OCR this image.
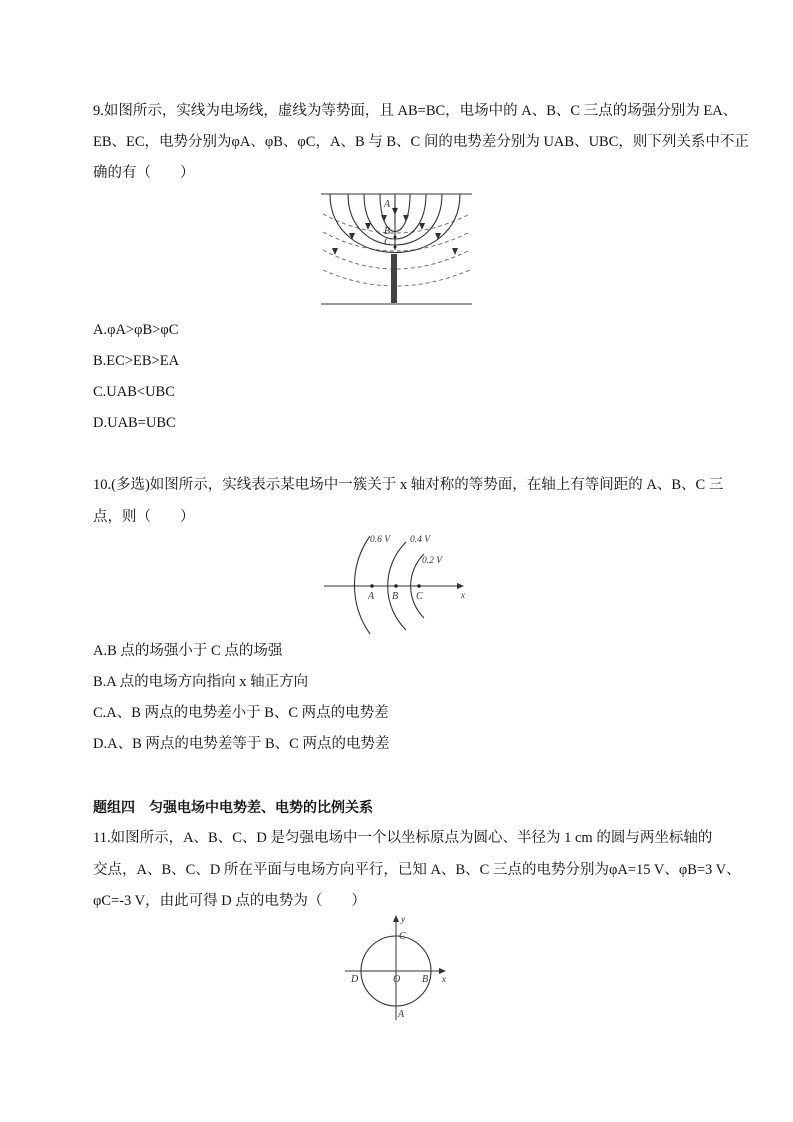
9.如图所示，实线为电场线，虚线为等势面，且 AB=BC，电场中的 A、B、C 三点的场强分别为 EA、
EB、EC，电势分别为φA、φB、φC，A、B 与 B、C 间的电势差分别为 UAB、UBC，则下列关系中不正
确的有（　　）
A
B
C
A.φA>φB>φC
B.EC>EB>EA
C.UAB<UBC
D.UAB=UBC
10.(多选)如图所示，实线表示某电场中一簇关于 x 轴对称的等势面，在轴上有等间距的 A、B、C 三
点，则（　　）
0.6 V 0.4 V
0.2 V
A B C	x
A.B 点的场强小于 C 点的场强
B.A 点的电场方向指向 x 轴正方向
C.A、B 两点的电势差小于 B、C 两点的电势差
D.A、B 两点的电势差等于 B、C 两点的电势差
题组四　匀强电场中电势差、电势的比例关系
11.如图所示，A、B、C、D 是匀强电场中一个以坐标原点为圆心、半径为 1 cm 的圆与两坐标轴的
交点，A、B、C、D 所在平面与电场方向平行，已知 A、B、C 三点的电势分别为φA=15 V、φB=3 V、
φC=-3 V，由此可得 D 点的电势为（　　）
y
x
C
D	O B
A
